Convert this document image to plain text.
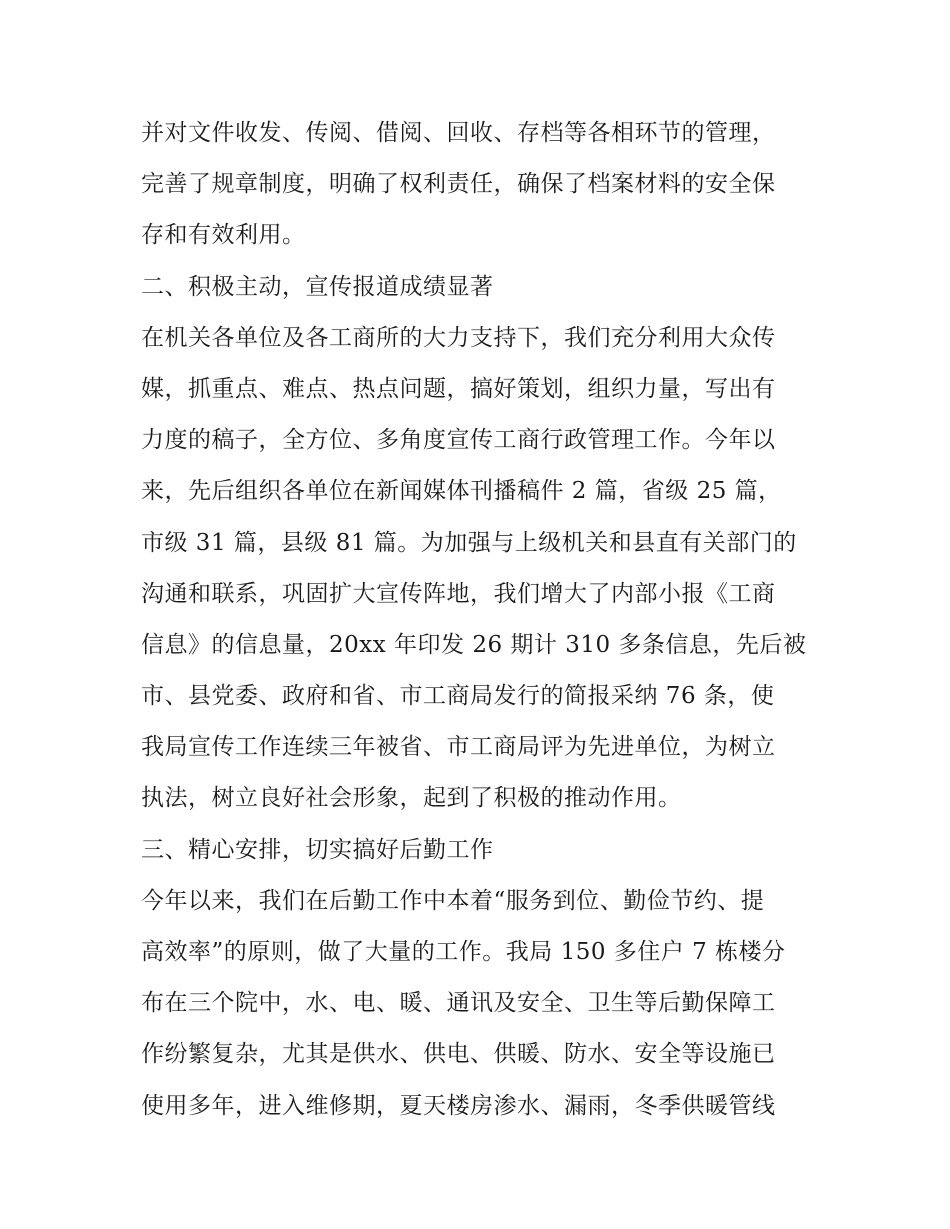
并对文件收发、传阅、借阅、回收、存档等各相环节的管理，

完善了规章制度，明确了权利责任，确保了档案材料的安全保

存和有效利用。

二、积极主动，宣传报道成绩显著

在机关各单位及各工商所的大力支持下，我们充分利用大众传

媒，抓重点、难点、热点问题，搞好策划，组织力量，写出有

力度的稿子，全方位、多角度宣传工商行政管理工作。今年以

来，先后组织各单位在新闻媒体刊播稿件 2 篇，省级 25 篇，

市级 31 篇，县级 81 篇。为加强与上级机关和县直有关部门的

沟通和联系，巩固扩大宣传阵地，我们增大了内部小报《工商

信息》的信息量，20xx 年印发 26 期计 310 多条信息，先后被

市、县党委、政府和省、市工商局发行的简报采纳 76 条，使

我局宣传工作连续三年被省、市工商局评为先进单位，为树立

执法，树立良好社会形象，起到了积极的推动作用。

三、精心安排，切实搞好后勤工作

今年以来，我们在后勤工作中本着“服务到位、勤俭节约、提

高效率”的原则，做了大量的工作。我局 150 多住户 7 栋楼分

布在三个院中，水、电、暖、通讯及安全、卫生等后勤保障工

作纷繁复杂，尤其是供水、供电、供暖、防水、安全等设施已

使用多年，进入维修期，夏天楼房渗水、漏雨，冬季供暖管线
